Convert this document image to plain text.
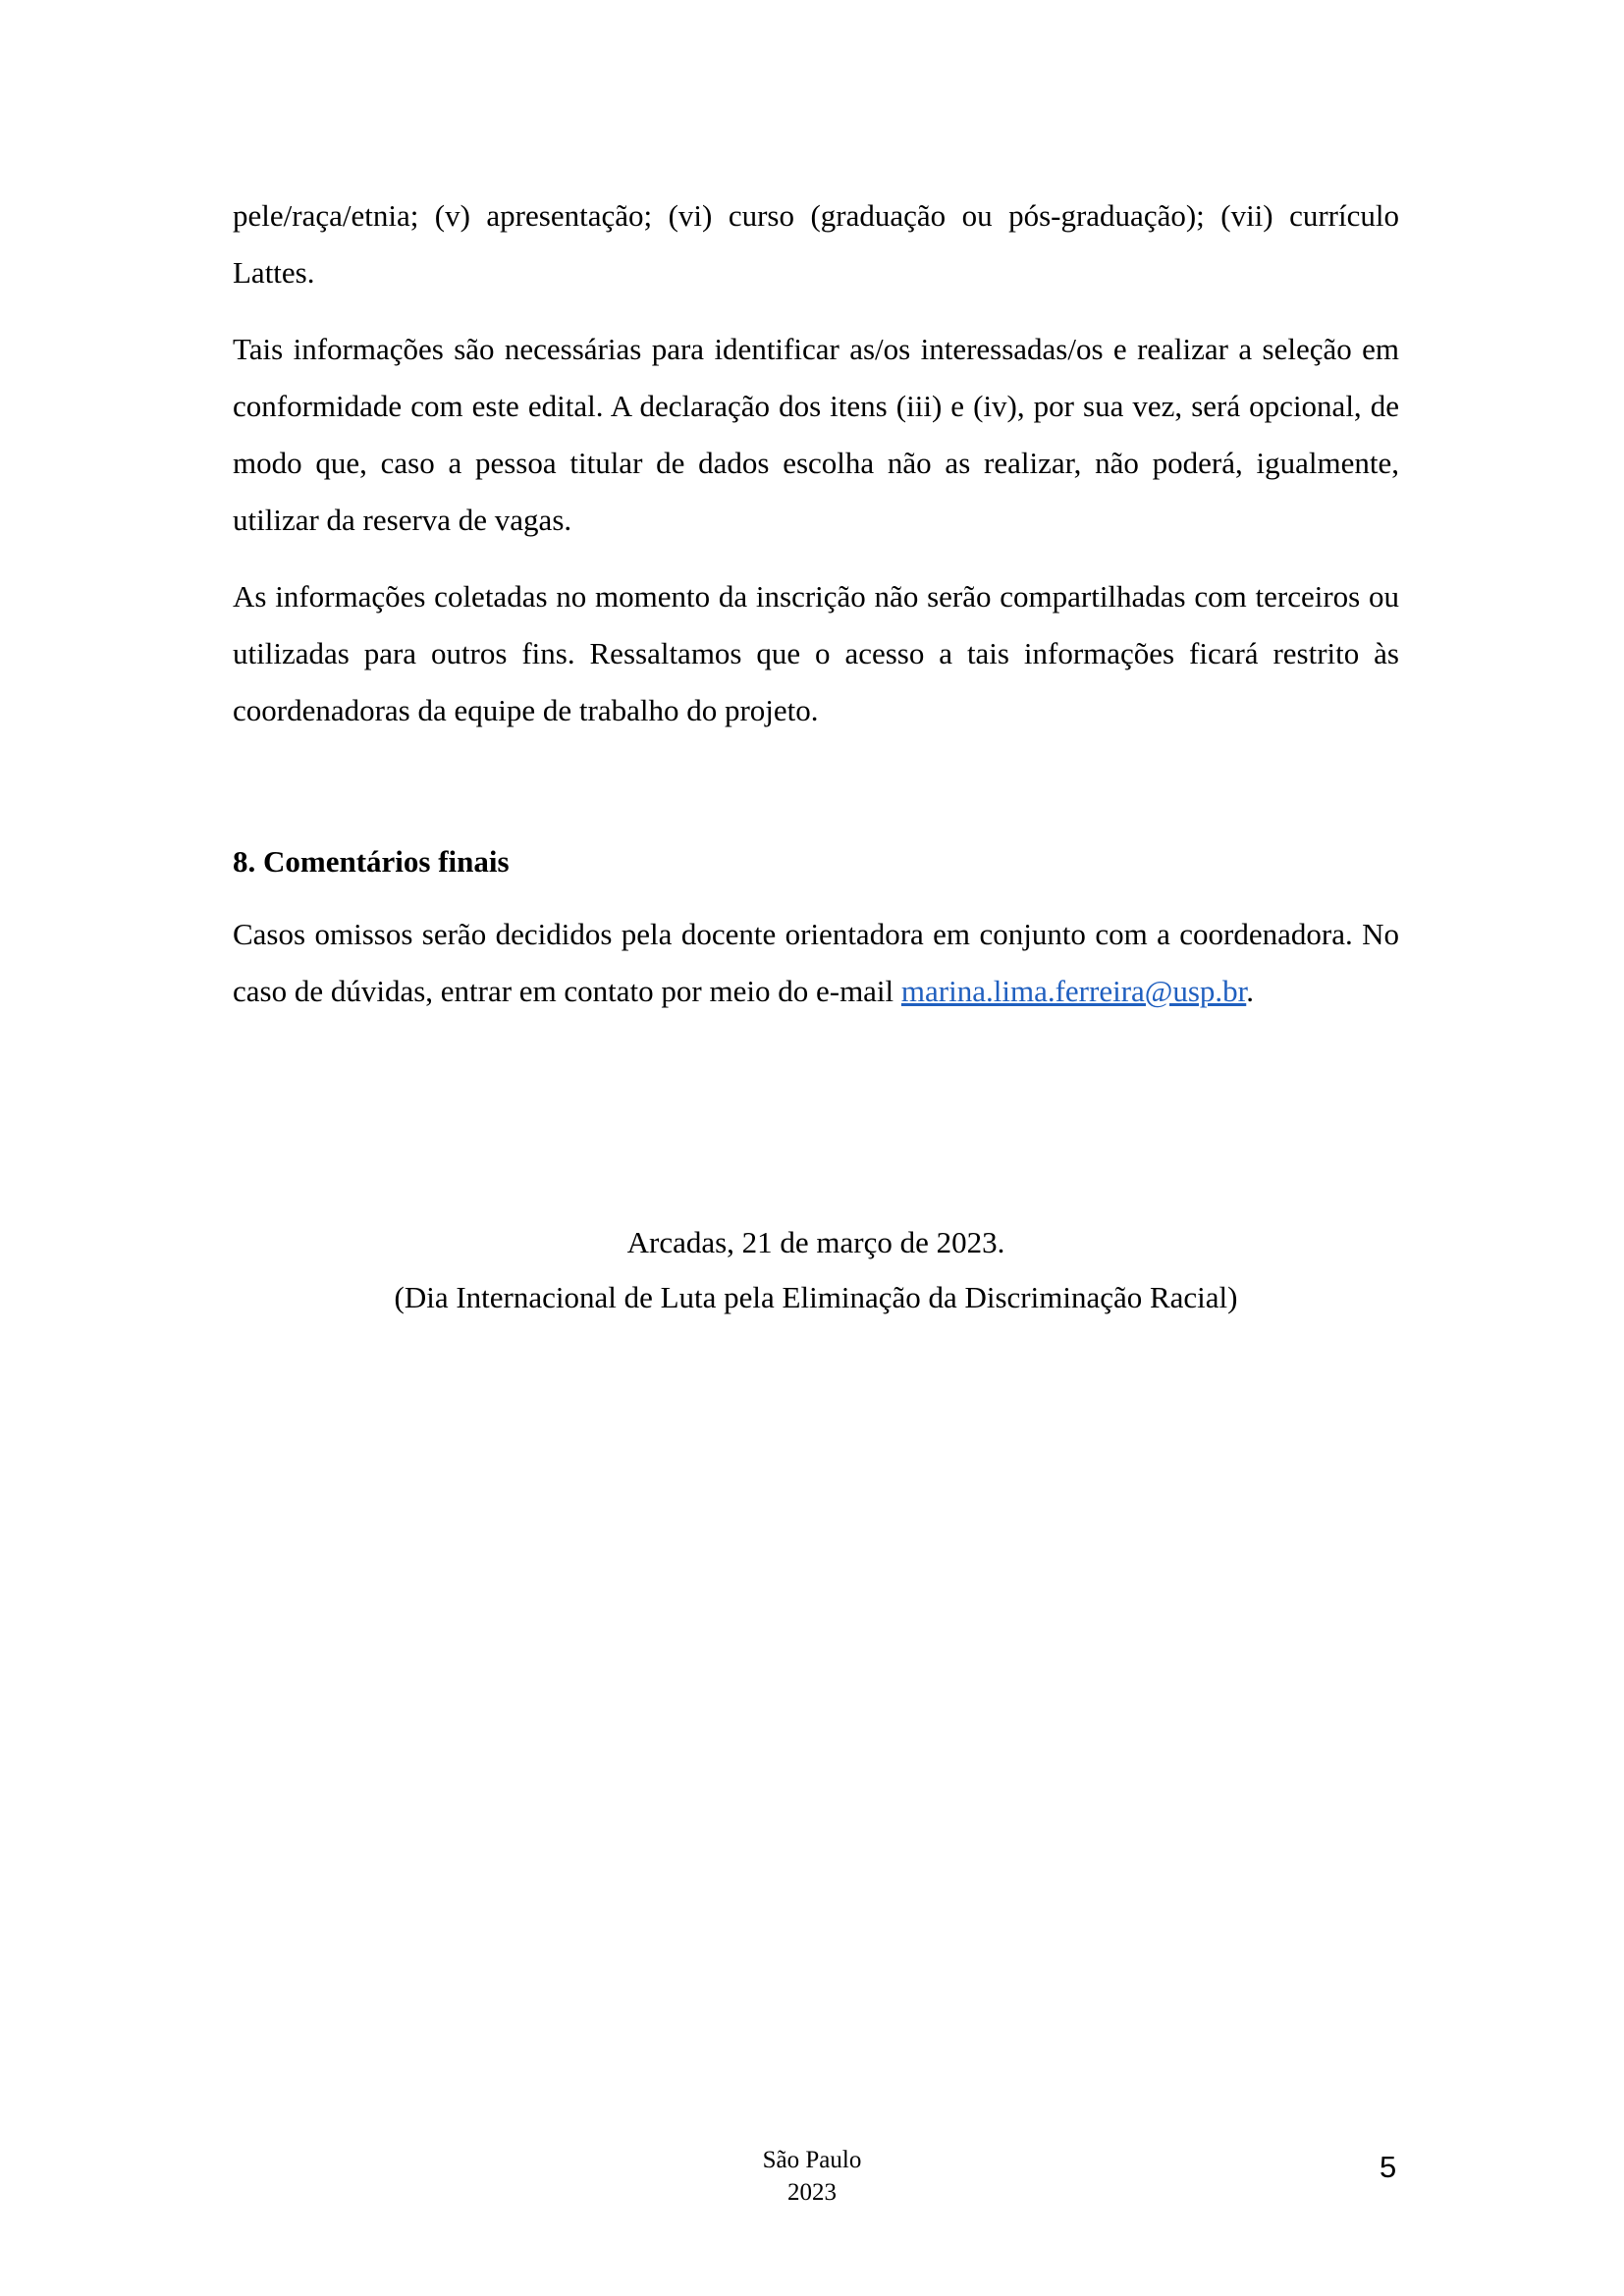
pele/raça/etnia; (v) apresentação; (vi) curso (graduação ou pós-graduação); (vii) currículo Lattes.

Tais informações são necessárias para identificar as/os interessadas/os e realizar a seleção em conformidade com este edital. A declaração dos itens (iii) e (iv), por sua vez, será opcional, de modo que, caso a pessoa titular de dados escolha não as realizar, não poderá, igualmente, utilizar da reserva de vagas.

As informações coletadas no momento da inscrição não serão compartilhadas com terceiros ou utilizadas para outros fins. Ressaltamos que o acesso a tais informações ficará restrito às coordenadoras da equipe de trabalho do projeto.

8. Comentários finais

Casos omissos serão decididos pela docente orientadora em conjunto com a coordenadora. No caso de dúvidas, entrar em contato por meio do e-mail marina.lima.ferreira@usp.br.

Arcadas, 21 de março de 2023.
(Dia Internacional de Luta pela Eliminação da Discriminação Racial)
São Paulo
2023
5
